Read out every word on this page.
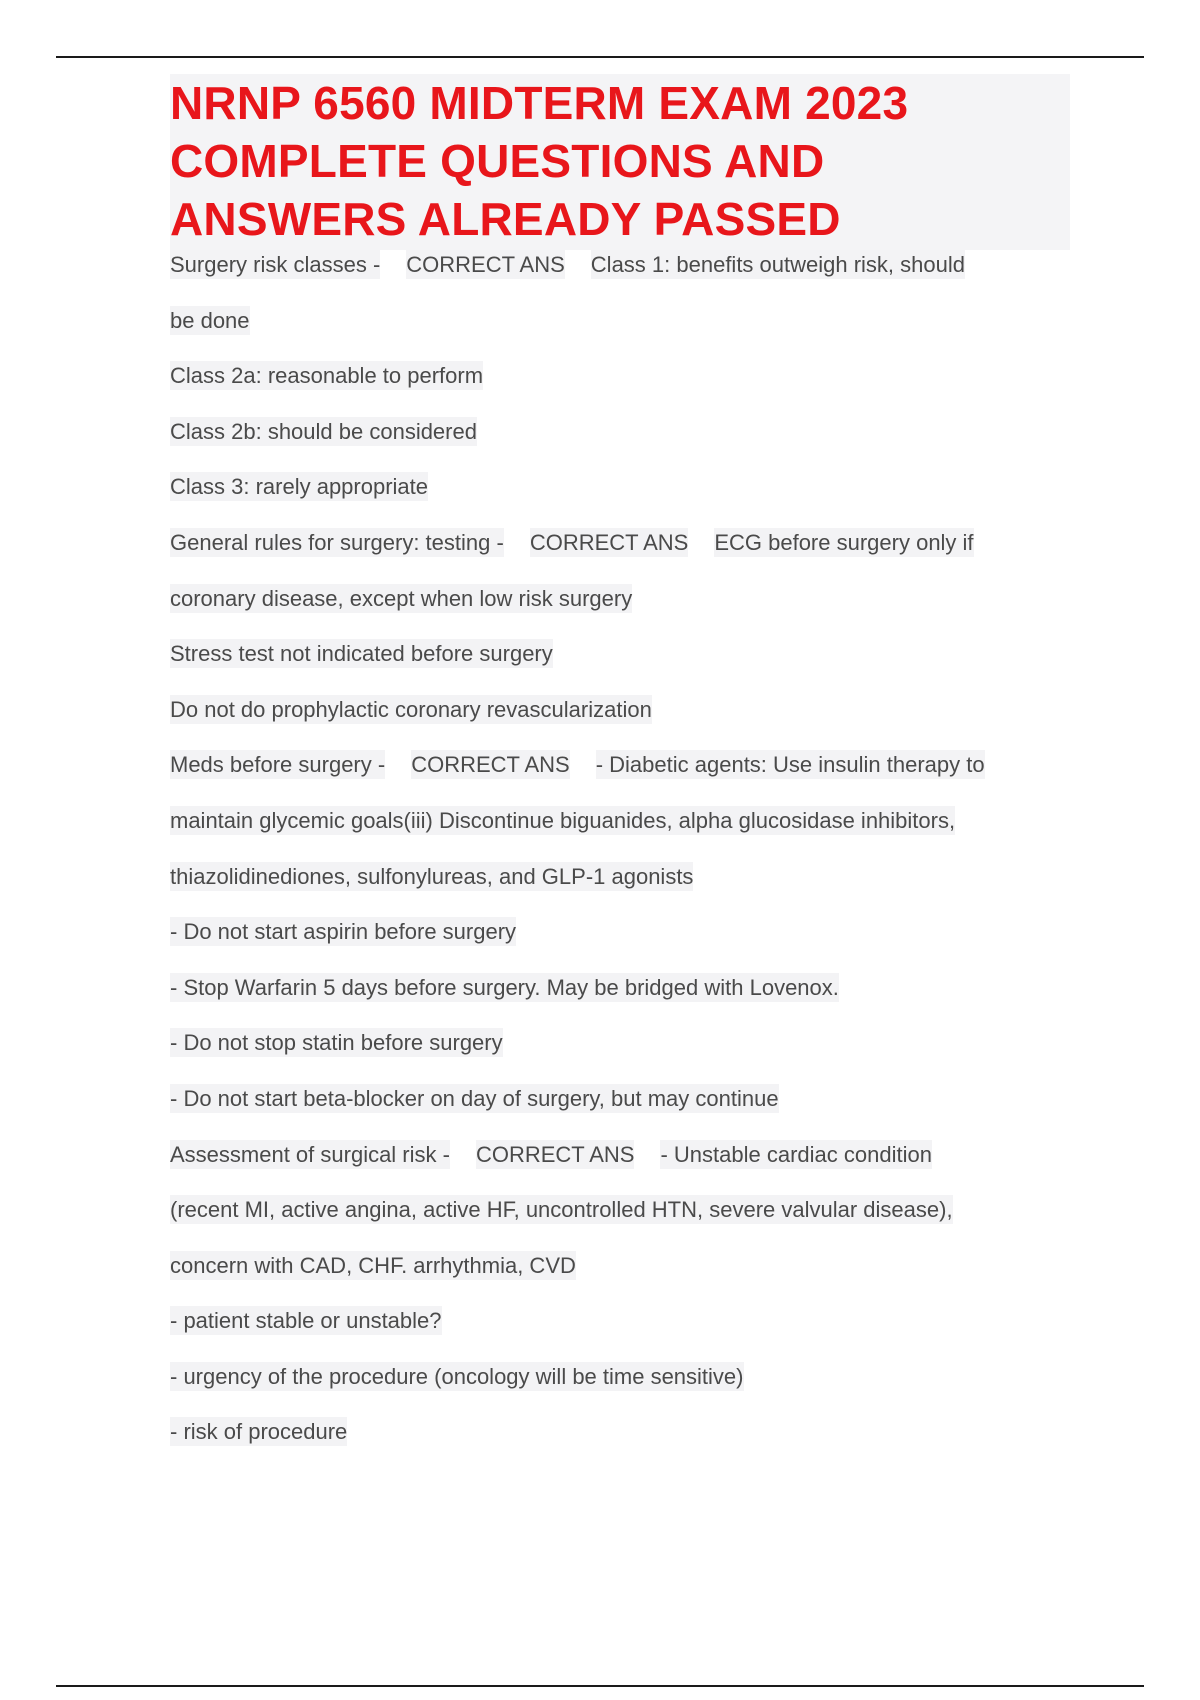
NRNP 6560 MIDTERM EXAM 2023
COMPLETE QUESTIONS AND
ANSWERS ALREADY PASSED
Surgery risk classes - CORRECT ANS Class 1: benefits outweigh risk, should
be done
Class 2a: reasonable to perform
Class 2b: should be considered
Class 3: rarely appropriate
General rules for surgery: testing - CORRECT ANS ECG before surgery only if
coronary disease, except when low risk surgery
Stress test not indicated before surgery
Do not do prophylactic coronary revascularization
Meds before surgery - CORRECT ANS - Diabetic agents: Use insulin therapy to
maintain glycemic goals(iii) Discontinue biguanides, alpha glucosidase inhibitors,
thiazolidinediones, sulfonylureas, and GLP-1 agonists
- Do not start aspirin before surgery
- Stop Warfarin 5 days before surgery. May be bridged with Lovenox.
- Do not stop statin before surgery
- Do not start beta-blocker on day of surgery, but may continue
Assessment of surgical risk - CORRECT ANS - Unstable cardiac condition
(recent MI, active angina, active HF, uncontrolled HTN, severe valvular disease),
concern with CAD, CHF. arrhythmia, CVD
- patient stable or unstable?
- urgency of the procedure (oncology will be time sensitive)
- risk of procedure
